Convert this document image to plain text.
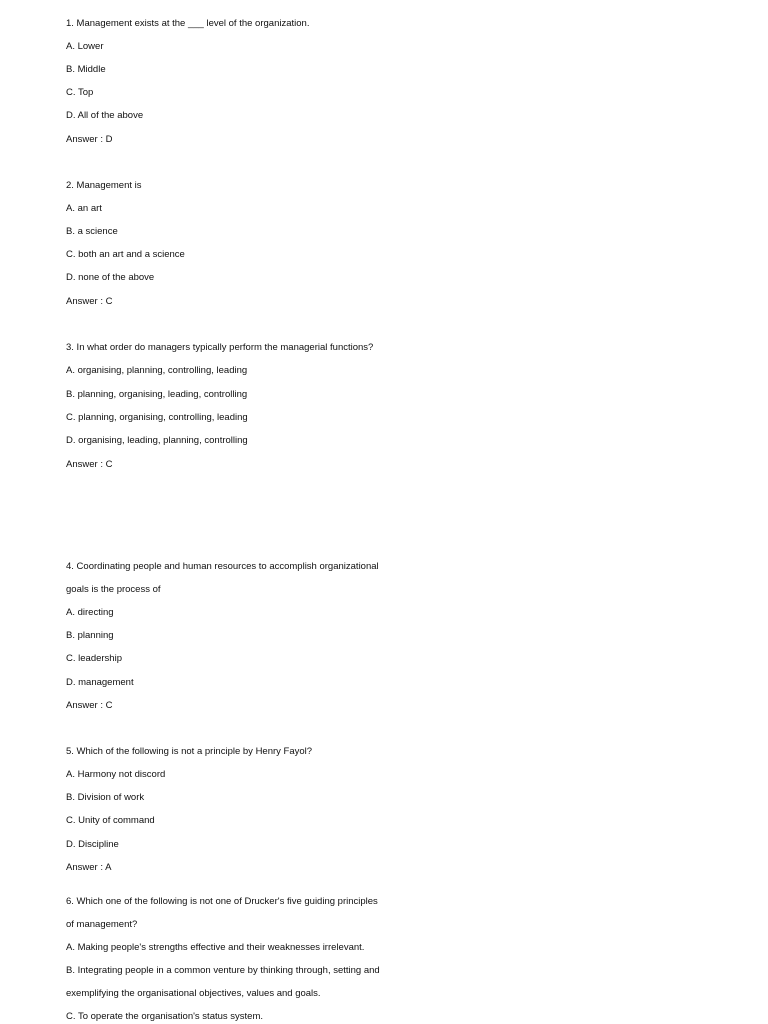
1. Management exists at the ___ level of the organization.
A. Lower
B. Middle
C. Top
D. All of the above
Answer : D
2. Management is
A. an art
B. a science
C. both an art and a science
D. none of the above
Answer : C
3. In what order do managers typically perform the managerial functions?
A. organising, planning, controlling, leading
B. planning, organising, leading, controlling
C. planning, organising, controlling, leading
D. organising, leading, planning, controlling
Answer : C
4. Coordinating people and human resources to accomplish organizational
goals is the process of
A. directing
B. planning
C. leadership
D. management
Answer : C
5. Which of the following is not a principle by Henry Fayol?
A. Harmony not discord
B. Division of work
C. Unity of command
D. Discipline
Answer : A
6. Which one of the following is not one of Drucker's five guiding principles
of management?
A. Making people's strengths effective and their weaknesses irrelevant.
B. Integrating people in a common venture by thinking through, setting and
exemplifying the organisational objectives, values and goals.
C. To operate the organisation's status system.
